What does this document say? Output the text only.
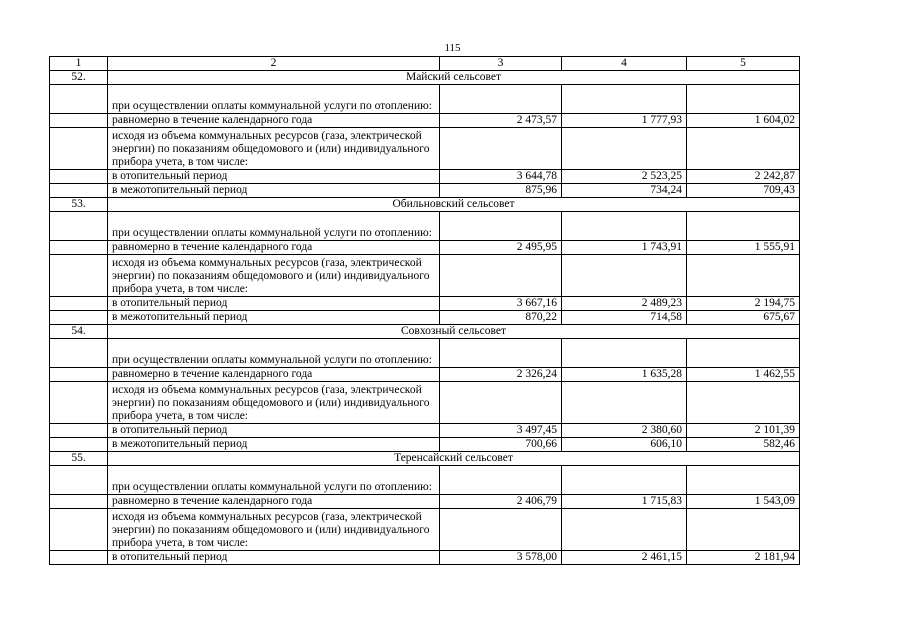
115
1	2	3	4	5
52.	Майский сельсовет			
	при осуществлении оплаты коммунальной услуги по отоплению:			
	равномерно в течение календарного года	2 473,57	1 777,93	1 604,02
	исходя из объема коммунальных ресурсов (газа, электрической энергии) по показаниям общедомового и (или) индивидуального прибора учета, в том числе:			
	в отопительный период	3 644,78	2 523,25	2 242,87
	в межотопительный период	875,96	734,24	709,43
53.	Обильновский сельсовет			
	при осуществлении оплаты коммунальной услуги по отоплению:			
	равномерно в течение календарного года	2 495,95	1 743,91	1 555,91
	исходя из объема коммунальных ресурсов (газа, электрической энергии) по показаниям общедомового и (или) индивидуального прибора учета, в том числе:			
	в отопительный период	3 667,16	2 489,23	2 194,75
	в межотопительный период	870,22	714,58	675,67
54.	Совхозный сельсовет			
	при осуществлении оплаты коммунальной услуги по отоплению:			
	равномерно в течение календарного года	2 326,24	1 635,28	1 462,55
	исходя из объема коммунальных ресурсов (газа, электрической энергии) по показаниям общедомового и (или) индивидуального прибора учета, в том числе:			
	в отопительный период	3 497,45	2 380,60	2 101,39
	в межотопительный период	700,66	606,10	582,46
55.	Теренсайский сельсовет			
	при осуществлении оплаты коммунальной услуги по отоплению:			
	равномерно в течение календарного года	2 406,79	1 715,83	1 543,09
	исходя из объема коммунальных ресурсов (газа, электрической энергии) по показаниям общедомового и (или) индивидуального прибора учета, в том числе:			
	в отопительный период	3 578,00	2 461,15	2 181,94
